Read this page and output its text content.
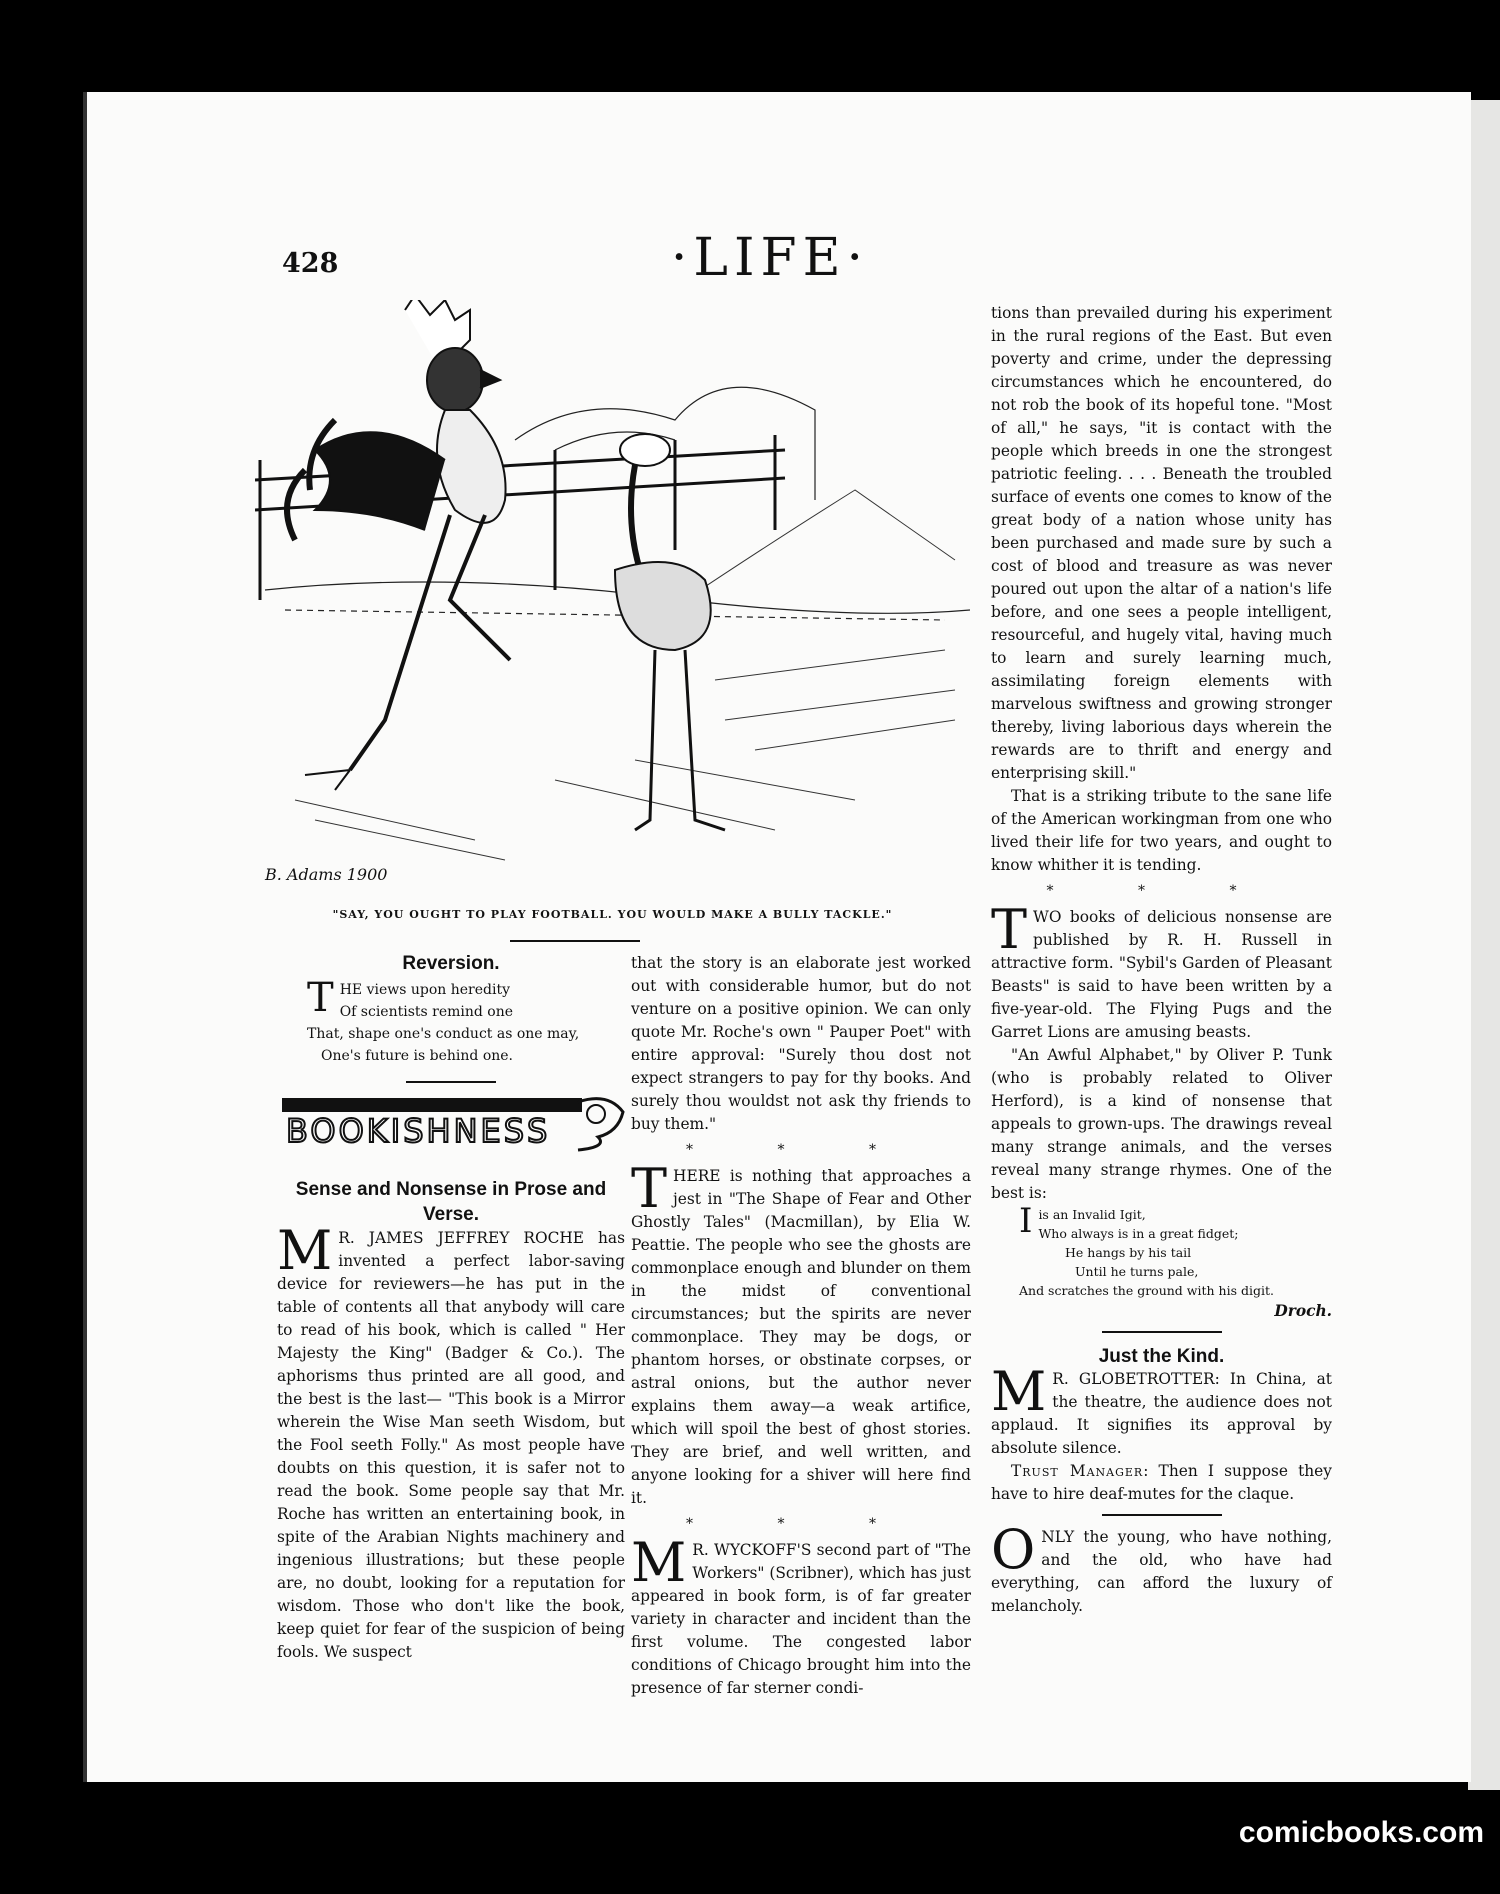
428	·LIFE·
B. Adams 1900
"SAY, YOU OUGHT TO PLAY FOOTBALL. YOU WOULD MAKE A BULLY TACKLE."
Reversion.
T HE views upon heredity
Of scientists remind one
That, shape one's conduct as one may,
One's future is behind one.
Sense and Nonsense in Prose and Verse.

M R. JAMES JEFFREY ROCHE has invented a perfect labor-saving device for reviewers—he has put in the table of contents all that anybody will care to read of his book, which is called " Her Majesty the King" (Badger & Co.). The aphorisms thus printed are all good, and the best is the last— "This book is a Mirror wherein the Wise Man seeth Wisdom, but the Fool seeth Folly." As most people have doubts on this question, it is safer not to read the book. Some people say that Mr. Roche has written an entertaining book, in spite of the Arabian Nights machinery and ingenious illustrations; but these people are, no doubt, looking for a reputation for wisdom. Those who don't like the book, keep quiet for fear of the suspicion of being fools. We suspect

BOOKISHNESS

that the story is an elaborate jest worked out with considerable humor, but do not venture on a positive opinion. We can only quote Mr. Roche's own " Pauper Poet" with entire approval: "Surely thou dost not expect strangers to pay for thy books. And surely thou wouldst not ask thy friends to buy them."

* * *

T HERE is nothing that approaches a jest in "The Shape of Fear and Other Ghostly Tales" (Macmillan), by Elia W. Peattie. The people who see the ghosts are commonplace enough and blunder on them in the midst of conventional circumstances; but the spirits are never commonplace. They may be dogs, or phantom horses, or obstinate corpses, or astral onions, but the author never explains them away—a weak artifice, which will spoil the best of ghost stories. They are brief, and well written, and anyone looking for a shiver will here find it.

* * *

M R. WYCKOFF'S second part of "The Workers" (Scribner), which has just appeared in book form, is of far greater variety in character and incident than the first volume. The congested labor conditions of Chicago brought him into the presence of far sterner condi-

tions than prevailed during his experiment in the rural regions of the East. But even poverty and crime, under the depressing circumstances which he encountered, do not rob the book of its hopeful tone. "Most of all," he says, "it is contact with the people which breeds in one the strongest patriotic feeling. . . . Beneath the troubled surface of events one comes to know of the great body of a nation whose unity has been purchased and made sure by such a cost of blood and treasure as was never poured out upon the altar of a nation's life before, and one sees a people intelligent, resourceful, and hugely vital, having much to learn and surely learning much, assimilating foreign elements with marvelous swiftness and growing stronger thereby, living laborious days wherein the rewards are to thrift and energy and enterprising skill."

That is a striking tribute to the sane life of the American workingman from one who lived their life for two years, and ought to know whither it is tending.

* * *

T WO books of delicious nonsense are published by R. H. Russell in attractive form. "Sybil's Garden of Pleasant Beasts" is said to have been written by a five-year-old. The Flying Pugs and the Garret Lions are amusing beasts.

"An Awful Alphabet," by Oliver P. Tunk (who is probably related to Oliver Herford), is a kind of nonsense that appeals to grown-ups. The drawings reveal many strange animals, and the verses reveal many strange rhymes. One of the best is:

I is an Invalid Igit,
Who always is in a great fidget;
He hangs by his tail
Until he turns pale,
And scratches the ground with his digit.
Droch.
Just the Kind.

M R. GLOBETROTTER: In China, at the theatre, the audience does not applaud. It signifies its approval by absolute silence.

Trust Manager: Then I suppose they have to hire deaf-mutes for the claque.

O NLY the young, who have nothing, and the old, who have had everything, can afford the luxury of melancholy.

comicbooks.com
